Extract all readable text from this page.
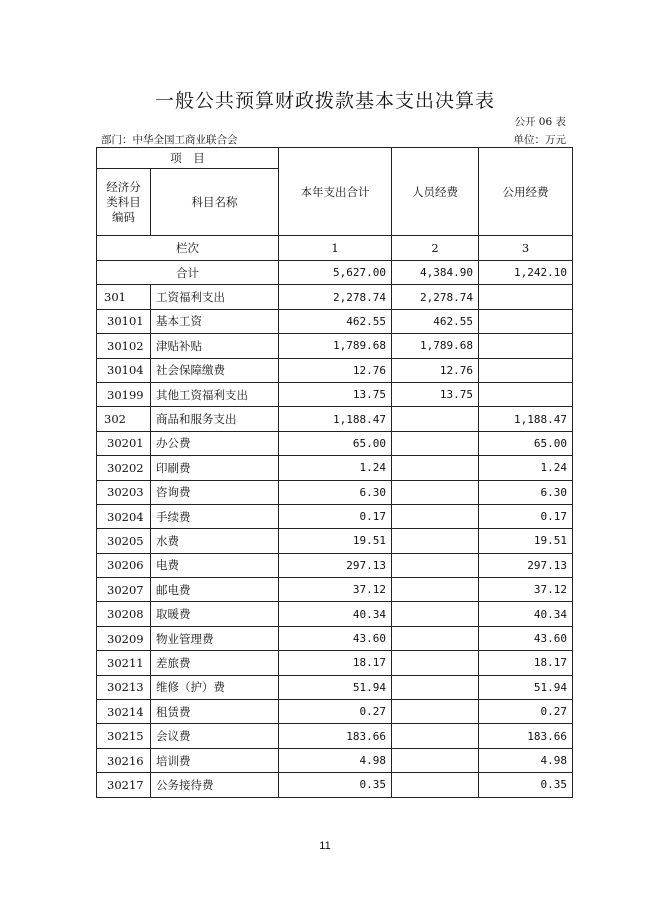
一般公共预算财政拨款基本支出决算表
公开 06 表
部门：中华全国工商业联合会	单位：万元
项　目		本年支出合计	人员经费	公用经费
经济分类科目编码	科目名称			
栏次		1	2	3
合计		5,627.00	4,384.90	1,242.10
301	工资福利支出	2,278.74	2,278.74	
30101	基本工资	462.55	462.55	
30102	津贴补贴	1,789.68	1,789.68	
30104	社会保障缴费	12.76	12.76	
30199	其他工资福利支出	13.75	13.75	
302	商品和服务支出	1,188.47		1,188.47
30201	办公费	65.00		65.00
30202	印刷费	1.24		1.24
30203	咨询费	6.30		6.30
30204	手续费	0.17		0.17
30205	水费	19.51		19.51
30206	电费	297.13		297.13
30207	邮电费	37.12		37.12
30208	取暖费	40.34		40.34
30209	物业管理费	43.60		43.60
30211	差旅费	18.17		18.17
30213	维修（护）费	51.94		51.94
30214	租赁费	0.27		0.27
30215	会议费	183.66		183.66
30216	培训费	4.98		4.98
30217	公务接待费	0.35		0.35
11
